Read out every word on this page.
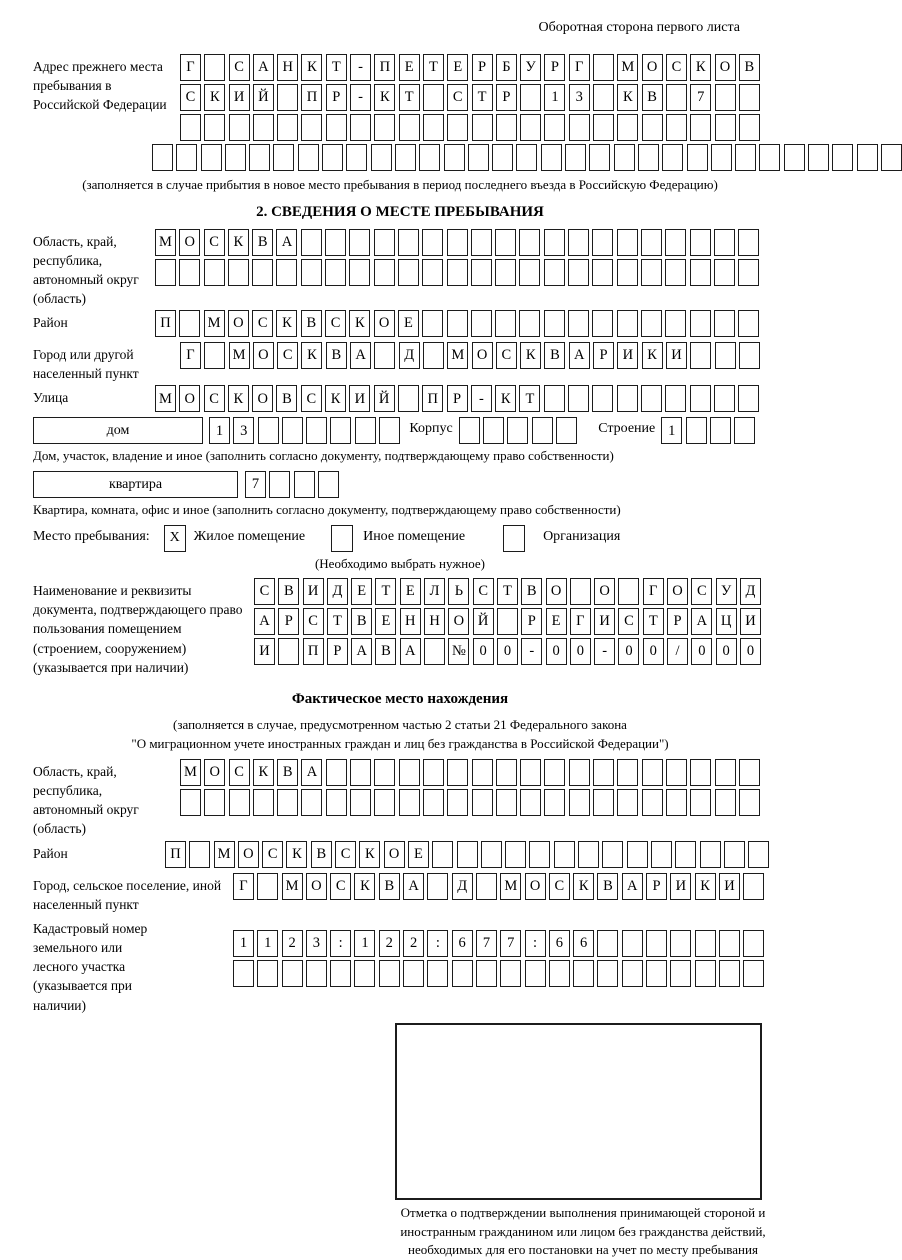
Оборотная сторона первого листа
Адрес прежнего места пребывания в Российской Федерации
Г	С А Н К	Т	-	П	Е	Т	Е	Р	Б	У	Р	Г	М О С	К О В
С	К И Й	П	Р	-	К	Т	С	Т	Р	1	3	К	В	7
(заполняется в случае прибытия в новое место пребывания в период последнего въезда в Российскую Федерацию)
2. СВЕДЕНИЯ О МЕСТЕ ПРЕБЫВАНИЯ
Область, край, республика, автономный округ (область)
М О С	К	В А
Район	П	М О С	К	В	С	К О	Е
Город или другой населенный пункт
Г	М О С	К	В А	Д	М О С	К	В А	Р	И К И
Улица	М О С	К О В	С	К И Й	П	Р	-	К	Т
дом	1	3	Корпус	Строение 1
Дом, участок, владение и иное (заполнить согласно документу, подтверждающему право собственности)
квартира	7
Квартира, комната, офис и иное (заполнить согласно документу, подтверждающему право собственности)
Место пребывания:	X Жилое помещение	Иное помещение	Организация
(Необходимо выбрать нужное)
Наименование и реквизиты документа, подтверждающего право пользования помещением (строением, сооружением) (указывается при наличии)
С	В И Д	Е	Т	Е	Л	Ь	С	Т	В О	О	Г	О С У Д
А	Р	С	Т	В	Е	Н Н О Й	Р	Е	Г	И С	Т	Р	А Ц И
И	П	Р	А В А	№ 0	0	-	0	0	-	0	0	/	0	0	0
Фактическое место нахождения
(заполняется в случае, предусмотренном частью 2 статьи 21 Федерального закона
"О миграционном учете иностранных граждан и лиц без гражданства в Российской Федерации")
Область, край, республика, автономный округ (область)
М О С	К	В А
Район	П	М О С	К	В	С	К О	Е
Город, сельское поселение, иной населенный пункт
Г	М О С	К	В А	Д	М О С	К	В А	Р	И К И
Кадастровый номер земельного или лесного участка (указывается при наличии)
1	1	2	3	:	1	2	2	:	6	7	7	:	6	6
Отметка о подтверждении выполнения принимающей стороной и иностранным гражданином или лицом без гражданства действий, необходимых для его постановки на учет по месту пребывания
